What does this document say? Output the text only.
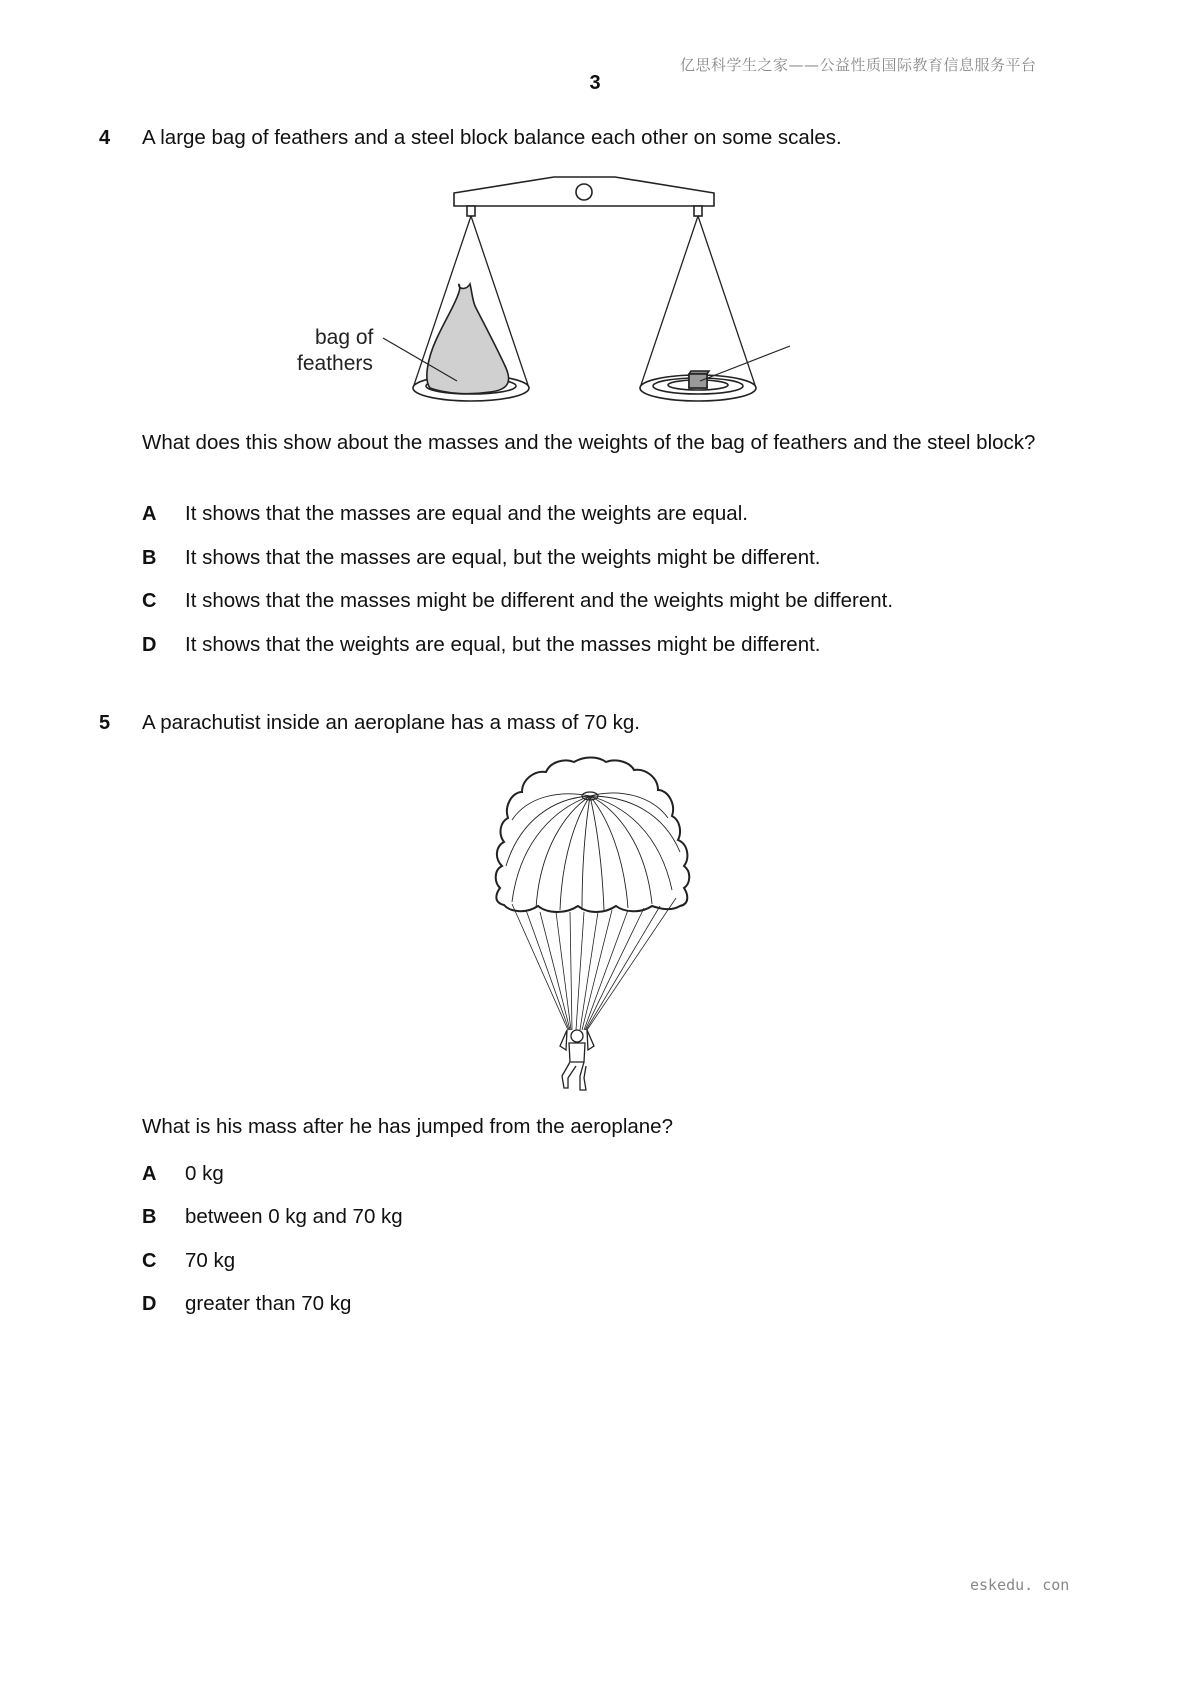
亿思科学生之家——公益性质国际教育信息服务平台
3
4 A large bag of feathers and a steel block balance each other on some scales.
bag of
feathers
What does this show about the masses and the weights of the bag of feathers and the steel block?
A It shows that the masses are equal and the weights are equal.
B It shows that the masses are equal, but the weights might be different.
C It shows that the masses might be different and the weights might be different.
D It shows that the weights are equal, but the masses might be different.
5 A parachutist inside an aeroplane has a mass of 70 kg.
What is his mass after he has jumped from the aeroplane?
A 0 kg
B between 0 kg and 70 kg
C 70 kg
D greater than 70 kg
eskedu. con
